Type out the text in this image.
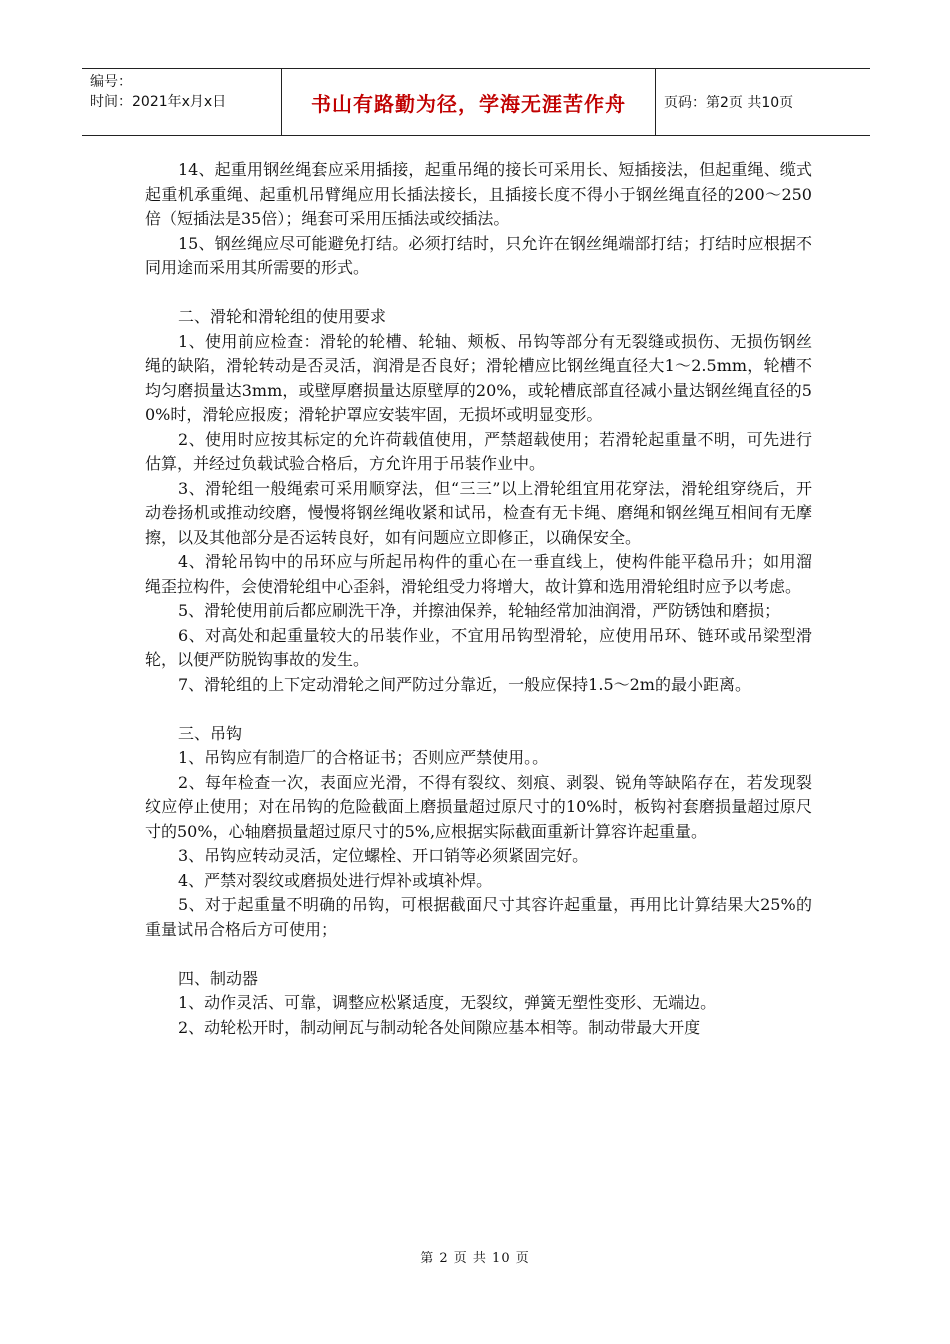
编号：
时间：2021年x月x日	书山有路勤为径，学海无涯苦作舟	页码：第2页 共10页

14、起重用钢丝绳套应采用插接，起重吊绳的接长可采用长、短插接法，但起重绳、缆式起重机承重绳、起重机吊臂绳应用长插法接长，且插接长度不得小于钢丝绳直径的200～250倍（短插法是35倍）；绳套可采用压插法或绞插法。

15、钢丝绳应尽可能避免打结。必须打结时，只允许在钢丝绳端部打结；打结时应根据不同用途而采用其所需要的形式。

二、滑轮和滑轮组的使用要求

1、使用前应检查：滑轮的轮槽、轮轴、颊板、吊钩等部分有无裂缝或损伤、无损伤钢丝绳的缺陷，滑轮转动是否灵活，润滑是否良好；滑轮槽应比钢丝绳直径大1～2.5mm，轮槽不均匀磨损量达3mm，或壁厚磨损量达原壁厚的20%，或轮槽底部直径减小量达钢丝绳直径的50%时，滑轮应报废；滑轮护罩应安装牢固，无损坏或明显变形。

2、使用时应按其标定的允许荷载值使用，严禁超载使用；若滑轮起重量不明，可先进行估算，并经过负载试验合格后，方允许用于吊装作业中。

3、滑轮组一般绳索可采用顺穿法，但“三三”以上滑轮组宜用花穿法，滑轮组穿绕后，开动卷扬机或推动绞磨，慢慢将钢丝绳收紧和试吊，检查有无卡绳、磨绳和钢丝绳互相间有无摩擦，以及其他部分是否运转良好，如有问题应立即修正，以确保安全。

4、滑轮吊钩中的吊环应与所起吊构件的重心在一垂直线上，使构件能平稳吊升；如用溜绳歪拉构件，会使滑轮组中心歪斜，滑轮组受力将增大，故计算和选用滑轮组时应予以考虑。

5、滑轮使用前后都应刷洗干净，并擦油保养，轮轴经常加油润滑，严防锈蚀和磨损；

6、对高处和起重量较大的吊装作业，不宜用吊钩型滑轮，应使用吊环、链环或吊梁型滑轮，以便严防脱钩事故的发生。

7、滑轮组的上下定动滑轮之间严防过分靠近，一般应保持1.5～2m的最小距离。

三、吊钩

1、吊钩应有制造厂的合格证书；否则应严禁使用。。

2、每年检查一次，表面应光滑，不得有裂纹、刻痕、剥裂、锐角等缺陷存在，若发现裂纹应停止使用；对在吊钩的危险截面上磨损量超过原尺寸的10%时，板钩衬套磨损量超过原尺寸的50%，心轴磨损量超过原尺寸的5%,应根据实际截面重新计算容许起重量。

3、吊钩应转动灵活，定位螺栓、开口销等必须紧固完好。

4、严禁对裂纹或磨损处进行焊补或填补焊。

5、对于起重量不明确的吊钩，可根据截面尺寸其容许起重量，再用比计算结果大25%的重量试吊合格后方可使用；

四、制动器

1、动作灵活、可靠，调整应松紧适度，无裂纹，弹簧无塑性变形、无端边。

2、动轮松开时，制动闸瓦与制动轮各处间隙应基本相等。制动带最大开度

第 2 页 共 10 页
